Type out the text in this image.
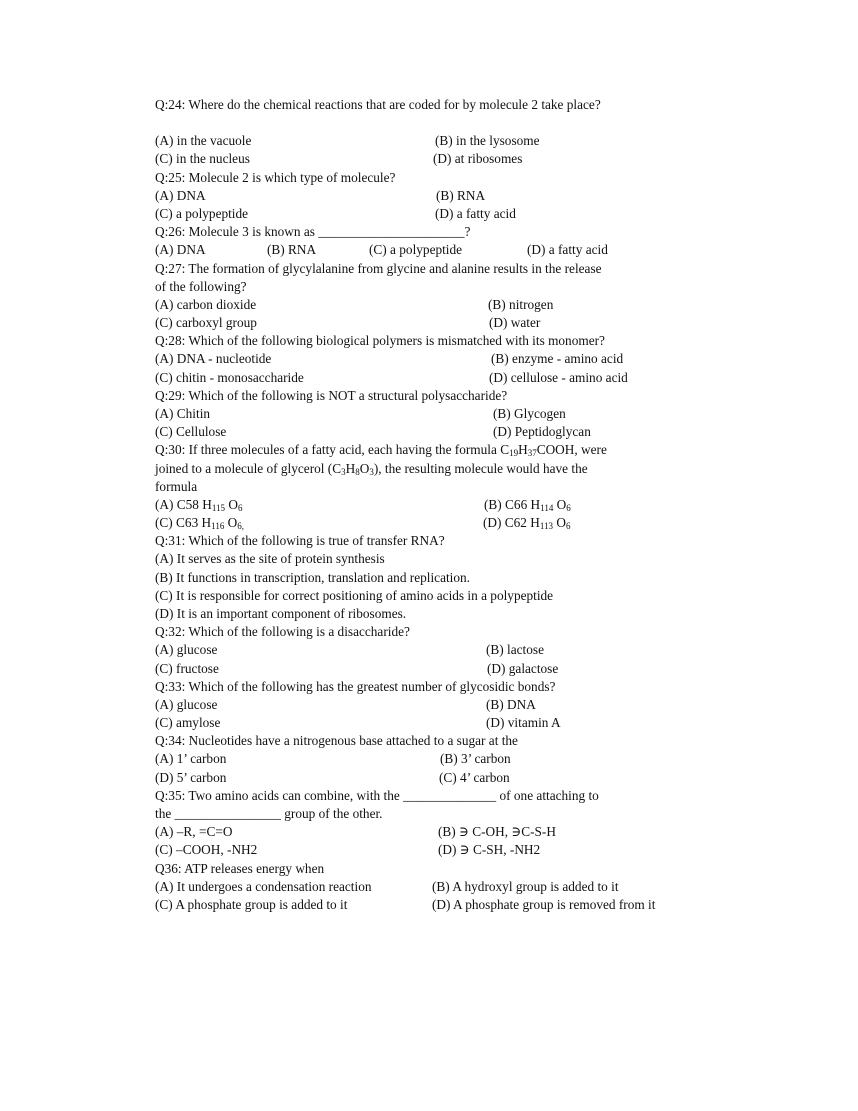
Q:24: Where do the chemical reactions that are coded for by molecule 2 take place?
(A) in the vacuole	(B) in the lysosome
(C) in the nucleus	(D) at ribosomes
Q:25: Molecule 2 is which type of molecule?
(A) DNA	(B) RNA
(C) a polypeptide	(D) a fatty acid
Q:26: Molecule 3 is known as ______________________?
(A) DNA	(B) RNA	(C) a polypeptide	(D) a fatty acid
Q:27: The formation of glycylalanine from glycine and alanine results in the release
of the following?
(A) carbon dioxide	(B) nitrogen
(C) carboxyl group	(D) water
Q:28: Which of the following biological polymers is mismatched with its monomer?
(A) DNA - nucleotide	(B) enzyme - amino acid
(C) chitin - monosaccharide	(D) cellulose - amino acid
Q:29: Which of the following is NOT a structural polysaccharide?
(A) Chitin	(B) Glycogen
(C) Cellulose	(D) Peptidoglycan
Q:30: If three molecules of a fatty acid, each having the formula $C_{19}H_{37}COOH$, were
joined to a molecule of glycerol $(C_3H_8O_3)$, the resulting molecule would have the
formula
(A) C58 $H_{115}$ $O_6$	(B) C66 $H_{114}$ $O_6$
(C) C63 $H_{116}$ $O_{6,}$	(D) C62 $H_{113}$ $O_6$
Q:31: Which of the following is true of transfer RNA?
(A) It serves as the site of protein synthesis
(B) It functions in transcription, translation and replication.
(C) It is responsible for correct positioning of amino acids in a polypeptide
(D) It is an important component of ribosomes.
Q:32: Which of the following is a disaccharide?
(A) glucose	(B) lactose
(C) fructose	(D) galactose
Q:33: Which of the following has the greatest number of glycosidic bonds?
(A) glucose	(B) DNA
(C) amylose	(D) vitamin A
Q:34: Nucleotides have a nitrogenous base attached to a sugar at the
(A) 1’ carbon	(B) 3’ carbon
(D) 5’ carbon	(C) 4’ carbon
Q:35: Two amino acids can combine, with the ______________ of one attaching to
the ________________ group of the other.
(A) –R, =C=O	(B) ∋ C-OH, ∋C-S-H
(C) –COOH, -NH2	(D) ∋ C-SH, -NH2
Q36: ATP releases energy when
(A) It undergoes a condensation reaction	(B) A hydroxyl group is added to it
(C) A phosphate group is added to it	(D) A phosphate group is removed from it
